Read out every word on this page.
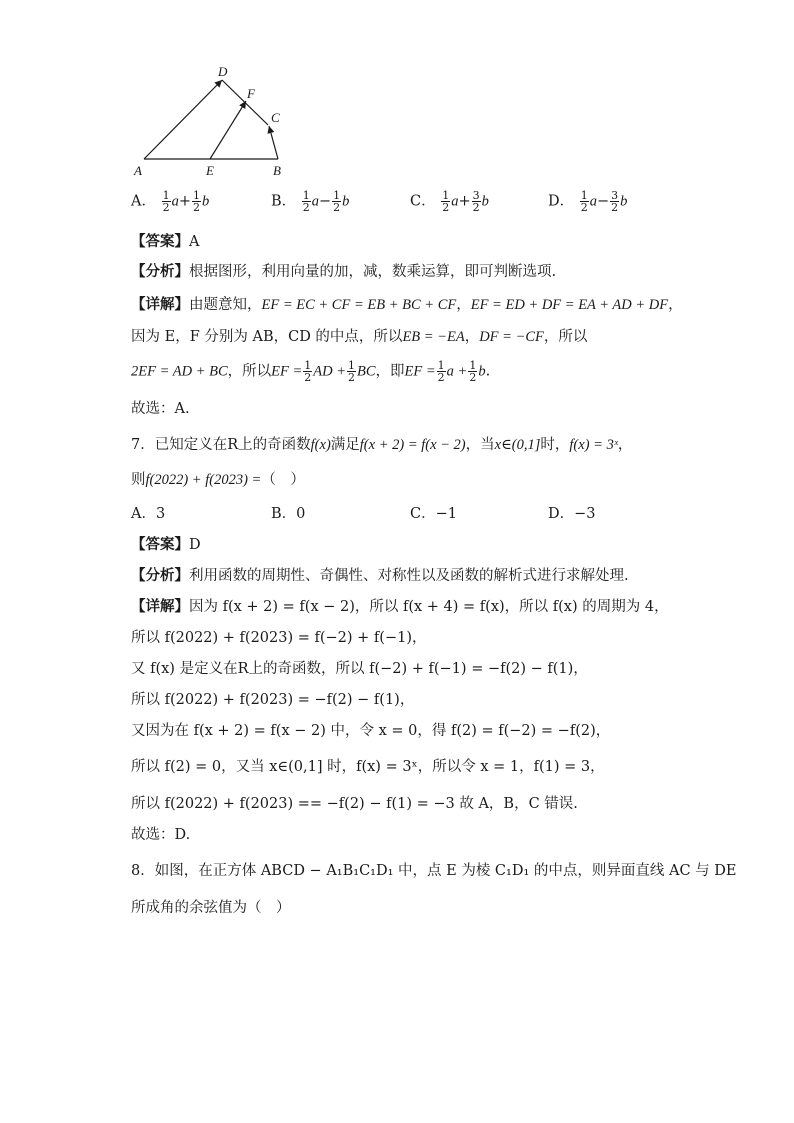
D
F
C
A	E	B
A． $\frac{1}{2} a+ \frac{1}{2}$ b	B． $\frac{1}{2} a- \frac{1}{2}$ b	C． $\frac{1}{2} a+ \frac{3}{2}$ b	D． $\frac{1}{2} a- \frac{3}{2}$ b
【答案】A
【分析】根据图形，利用向量的加，减，数乘运算，即可判断选项.
【详解】由题意知，EF = EC + CF = EB + BC + CF，EF = ED + DF = EA + AD + DF，
因为 E，F 分别为 AB，CD 的中点，所以EB = −EA，DF = −CF，所以
2EF = AD + BC，所以EF = $\frac{1}{2}$ AD + $\frac{1}{2}$ BC，即EF = $\frac{1}{2}$ $a + \frac{1}{2} b$.
故选：A.
7．已知定义在R上的奇函数f(x)满足f(x + 2) = f(x − 2)，当x∈(0,1]时，f(x) = 3ˣ，
则f(2022) + f(2023) =（　）
A．3	B．0	C．−1	D．−3
【答案】D
【分析】利用函数的周期性、奇偶性、对称性以及函数的解析式进行求解处理.
【详解】因为 f(x + 2) = f(x − 2)，所以 f(x + 4) = f(x)，所以 f(x) 的周期为 4，
所以 f(2022) + f(2023) = f(−2) + f(−1)，
又 f(x) 是定义在R上的奇函数，所以 f(−2) + f(−1) = −f(2) − f(1)，
所以 f(2022) + f(2023) = −f(2) − f(1)，
又因为在 f(x + 2) = f(x − 2) 中，令 x = 0，得 f(2) = f(−2) = −f(2)，
所以 f(2) = 0，又当 x∈(0,1] 时，f(x) = 3ˣ，所以令 x = 1，f(1) = 3，
所以 f(2022) + f(2023) == −f(2) − f(1) = −3 故 A，B，C 错误.
故选：D.
8．如图，在正方体 ABCD − A₁B₁C₁D₁ 中，点 E 为棱 C₁D₁ 的中点，则异面直线 AC 与 DE
所成角的余弦值为（　）
